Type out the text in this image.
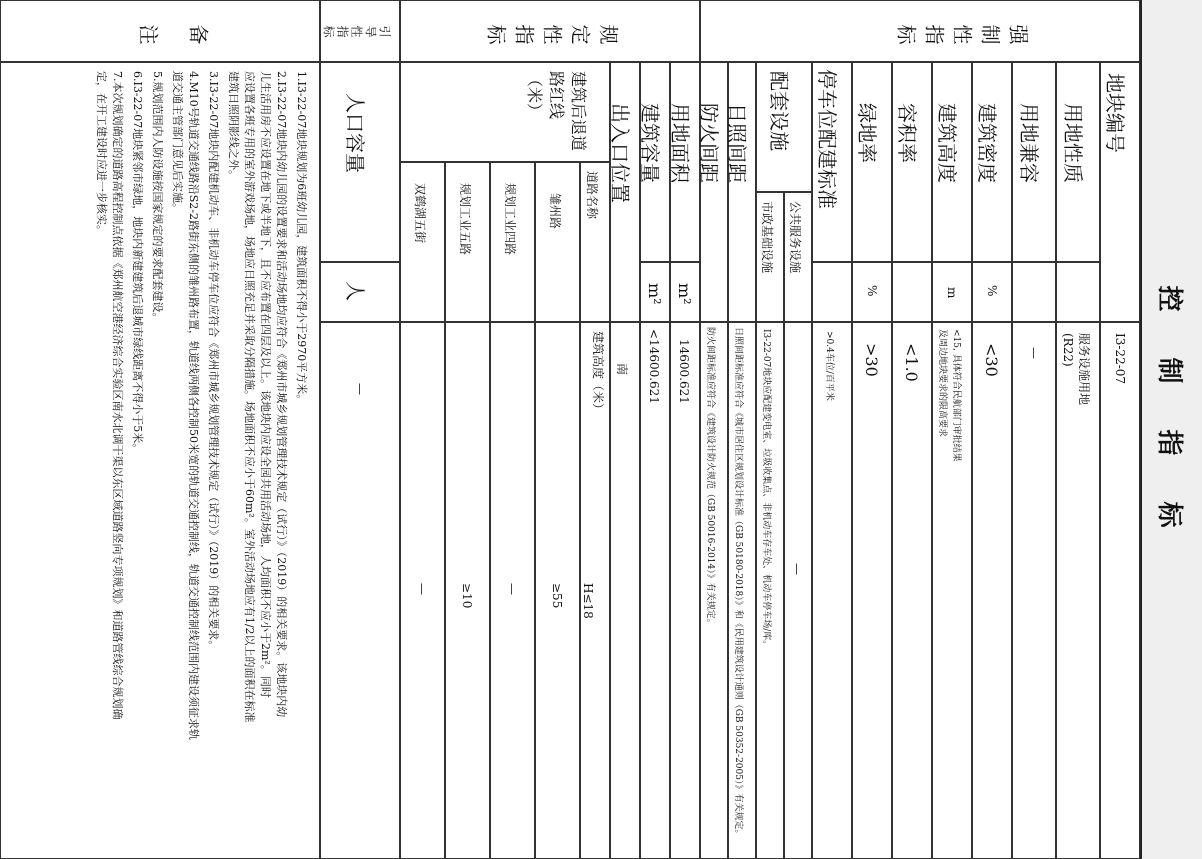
控制指标
强制性指标
规定性指标
引导性指标
备注
地块编号
I3-22-07
用地性质
服务设施用地
(R22)
用地兼容
—
建筑密度
%
<30
建筑高度
m
<15, 具体符合民航部门审批结果
及周边地块要求的限高要求
容积率
<1.0
绿地率
%
>30
停车位配建标准
>0.4车位/百平米
配套设施
公共服务设施
—
市政基础设施
I3-22-07地块应配建变电室、垃圾收集点、非机动车存车处、机动车停车场/库。
日照间距
日照间距标准应符合《城市居住区规划设计标准（GB 50180-2018）》和《民用建筑设计通则（GB 50352-2005）》有关规定。
防火间距
防火间距标准应符合《建筑设计防火规范（GB 50016-2014）》有关规定。
用地面积
m²
14600.621
建筑容量
m²
<14600.621
出入口位置
南
建筑后退道路红线（米）
道路名称
建筑高度（米）
H≤18
雏州路
≥55
规划工业四路
—
规划工业五路
≥10
双鹤湖五街
—
人口容量
人
—
1.I3-22-07地块规划为6班幼儿园，建筑面积不得小于2970平方米。
2.I3-22-07地块内幼儿园的设置要求和活动场地均应符合《郑州市城乡规划管理技术规定（试行）》（2019）的相关要求。该地块内幼
儿生活用房不应设置在地下或半地下，且不应布置在四层及以上。该地块内应设全园共用活动场地，人均面积不应小于2m²。同时
应设置各班专用的室外游戏场地，场地应日照充足并采取分隔措施。场地面积不应小于60m²。室外活动场地应有1/2以上的面积在标准
建筑日照阴影线之外。
3.I3-22-07地块内配建机动车、非机动车停车位应符合《郑州市城乡规划管理技术规定（试行）》（2019）的相关要求。
4.M10号轨道交通线路沿S2-2路街东侧的雏州路布置，轨道线两侧各控制50米宽的轨道交通控制线，轨道交通控制线范围内建设须征求轨
道交通主管部门意见后实施。
5.规划范围内人防设施按国家规定的要求配套建设。
6.I3-22-07地块紧邻市绿地，地块内新建建筑后退城市绿线距离不得小于5米。
7.本次规划确定的道路高程控制点依据《郑州航空港经济综合实验区南水北调干渠以东区域道路竖向专项规划》和道路管线综合规划确
定，在开工建设时应进一步核实。
